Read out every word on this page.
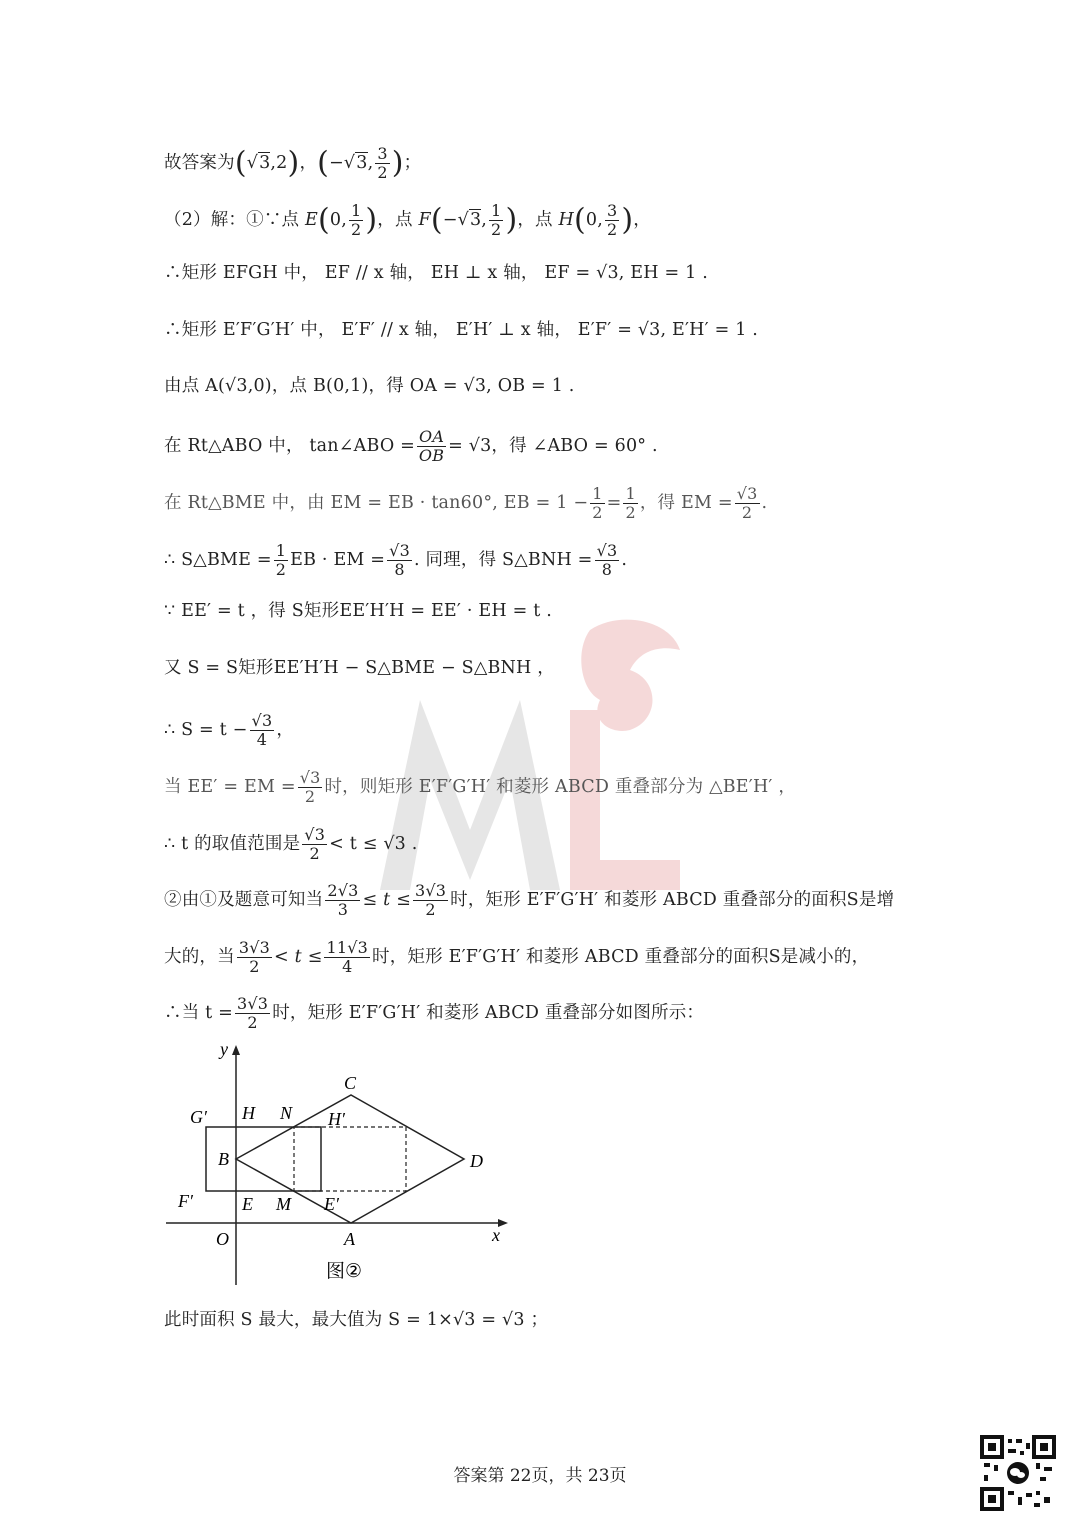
故答案为(√3,2)，(−√3, $\frac{3}{2}$ )；
（2）解：①∵点 E(0, $\frac{1}{2}$ )，点 F(−√3, $\frac{1}{2}$ )，点 H(0, $\frac{3}{2}$ )，
∴矩形 EFGH 中， EF // x 轴， EH ⊥ x 轴， EF = √3, EH = 1 .
∴矩形 E′F′G′H′ 中， E′F′ // x 轴， E′H′ ⊥ x 轴， E′F′ = √3, E′H′ = 1 .
由点 A(√3,0)，点 B(0,1)，得 OA = √3, OB = 1 .
在 Rt△ABO 中， tan∠ABO = $\frac{OA}{OB} = √3$，得 ∠ABO = 60° .
在 Rt△BME 中，由 EM = EB · tan60°, EB = $1 - \frac{1}{2} = \frac{1}{2}$ ，得 EM = $\frac{√3}{2}$ .
∴ S△BME = $\frac{1}{2}$ EB · EM = $\frac{√3}{8}$ . 同理，得 S△BNH = $\frac{√3}{8}$ .
∵ EE′ = t ，得 S矩形EE′H′H = EE′ · EH = t .
又 S = S矩形EE′H′H − S△BME − S△BNH ，
∴ $S = t - \frac{√3}{4}$ ，
当 EE′ = EM = $\frac{√3}{2}$ 时，则矩形 E′F′G′H′ 和菱形 ABCD 重叠部分为 △BE′H′ ，
∴ t 的取值范围是 $\frac{√3}{2} < t \le √3$ .
②由①及题意可知当 $\frac{2√3}{3} \le t \le \frac{3√3}{2}$ 时，矩形 E′F′G′H′ 和菱形 ABCD 重叠部分的面积S是增
大的，当 $\frac{3√3}{2} < t \le \frac{11√3}{4}$ 时，矩形 E′F′G′H′ 和菱形 ABCD 重叠部分的面积S是减小的，
∴当 $t = \frac{3√3}{2}$ 时，矩形 E′F′G′H′ 和菱形 ABCD 重叠部分如图所示：
y
x
O	A
B
C
D
E
F′
G′ H	H′
N
M E′
图②
此时面积 S 最大，最大值为 S = 1×√3 = √3 ；
答案第 22页，共 23页
